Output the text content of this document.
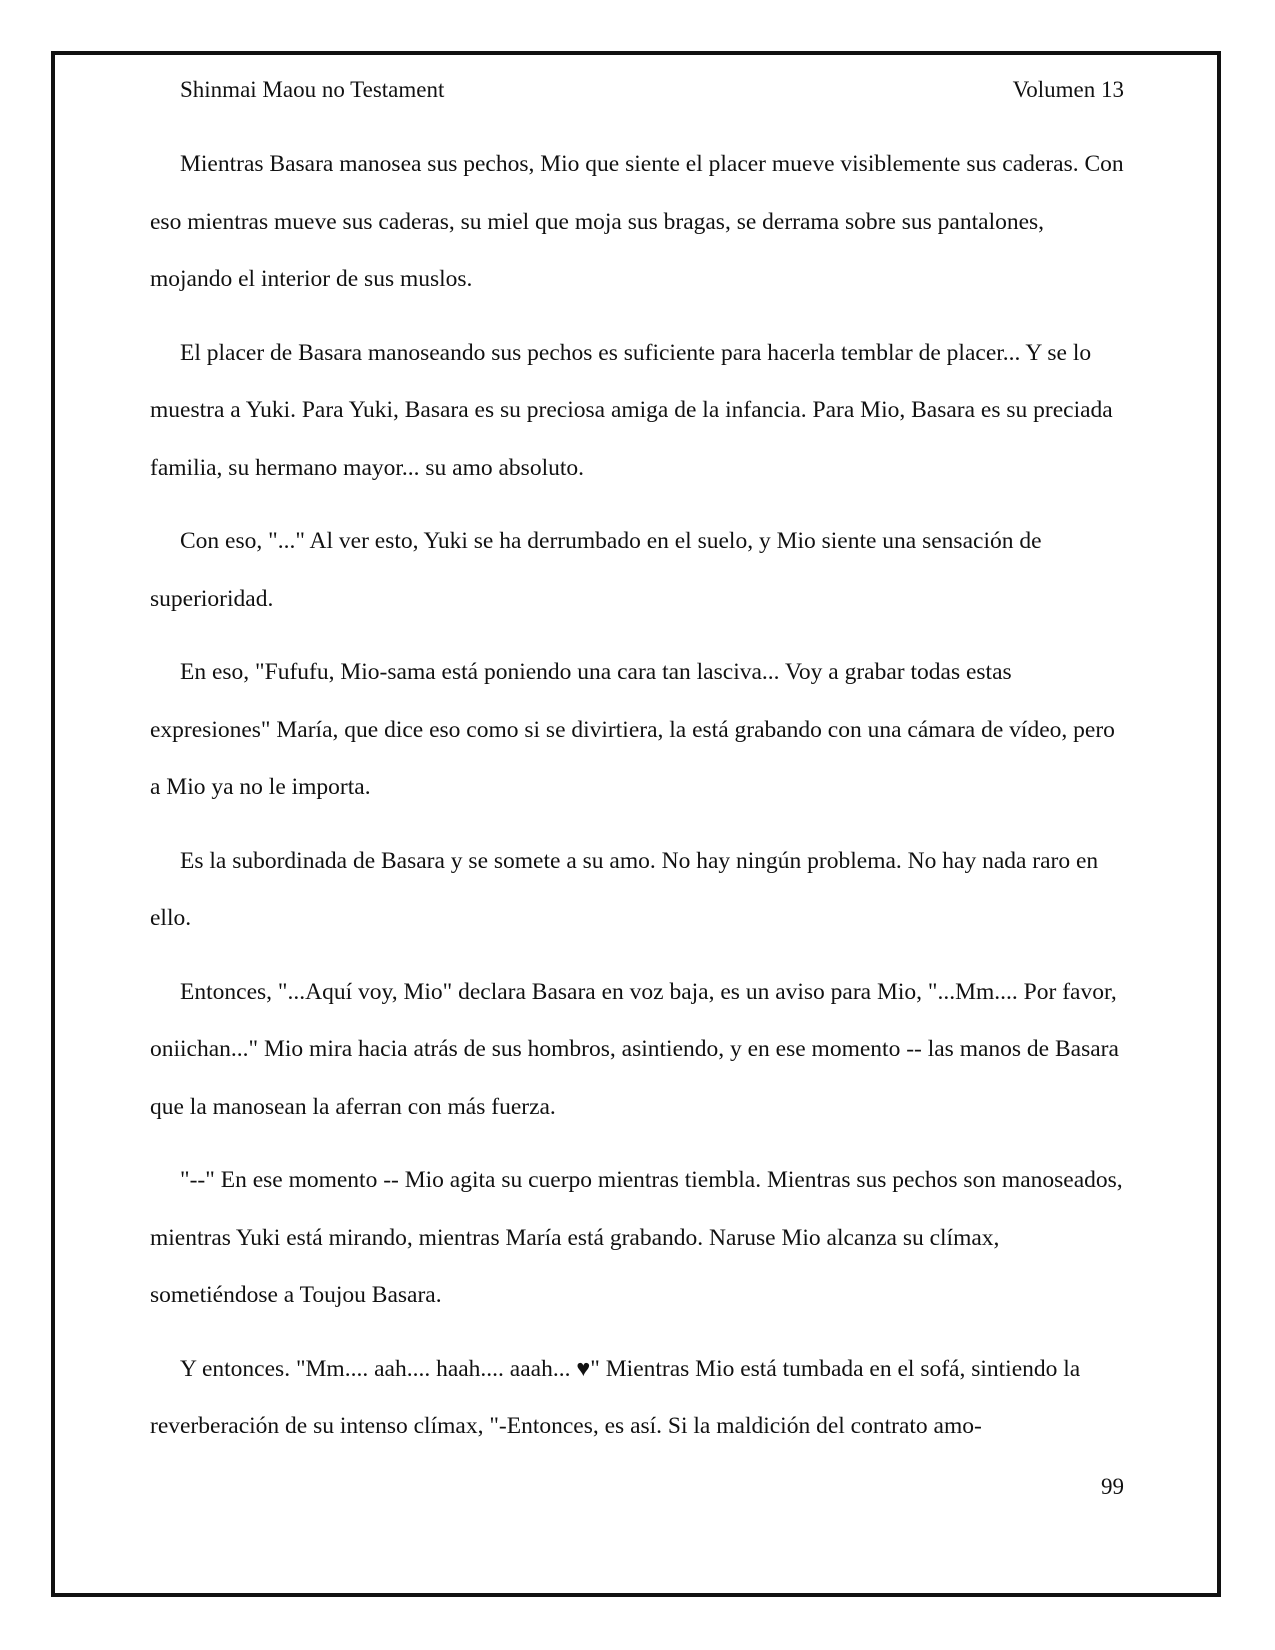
Shinmai Maou no Testament	Volumen 13

Mientras Basara manosea sus pechos, Mio que siente el placer mueve visiblemente sus caderas. Con eso mientras mueve sus caderas, su miel que moja sus bragas, se derrama sobre sus pantalones, mojando el interior de sus muslos.

El placer de Basara manoseando sus pechos es suficiente para hacerla temblar de placer... Y se lo muestra a Yuki. Para Yuki, Basara es su preciosa amiga de la infancia. Para Mio, Basara es su preciada familia, su hermano mayor... su amo absoluto.

Con eso, "..." Al ver esto, Yuki se ha derrumbado en el suelo, y Mio siente una sensación de superioridad.

En eso, "Fufufu, Mio-sama está poniendo una cara tan lasciva... Voy a grabar todas estas expresiones" María, que dice eso como si se divirtiera, la está grabando con una cámara de vídeo, pero a Mio ya no le importa.

Es la subordinada de Basara y se somete a su amo. No hay ningún problema. No hay nada raro en ello.

Entonces, "...Aquí voy, Mio" declara Basara en voz baja, es un aviso para Mio, "...Mm.... Por favor, oniichan..." Mio mira hacia atrás de sus hombros, asintiendo, y en ese momento -- las manos de Basara que la manosean la aferran con más fuerza.

"--" En ese momento -- Mio agita su cuerpo mientras tiembla. Mientras sus pechos son manoseados, mientras Yuki está mirando, mientras María está grabando. Naruse Mio alcanza su clímax, sometiéndose a Toujou Basara.

Y entonces. "Mm.... aah.... haah.... aaah... ♥" Mientras Mio está tumbada en el sofá, sintiendo la reverberación de su intenso clímax, "-Entonces, es así. Si la maldición del contrato amo-

99
